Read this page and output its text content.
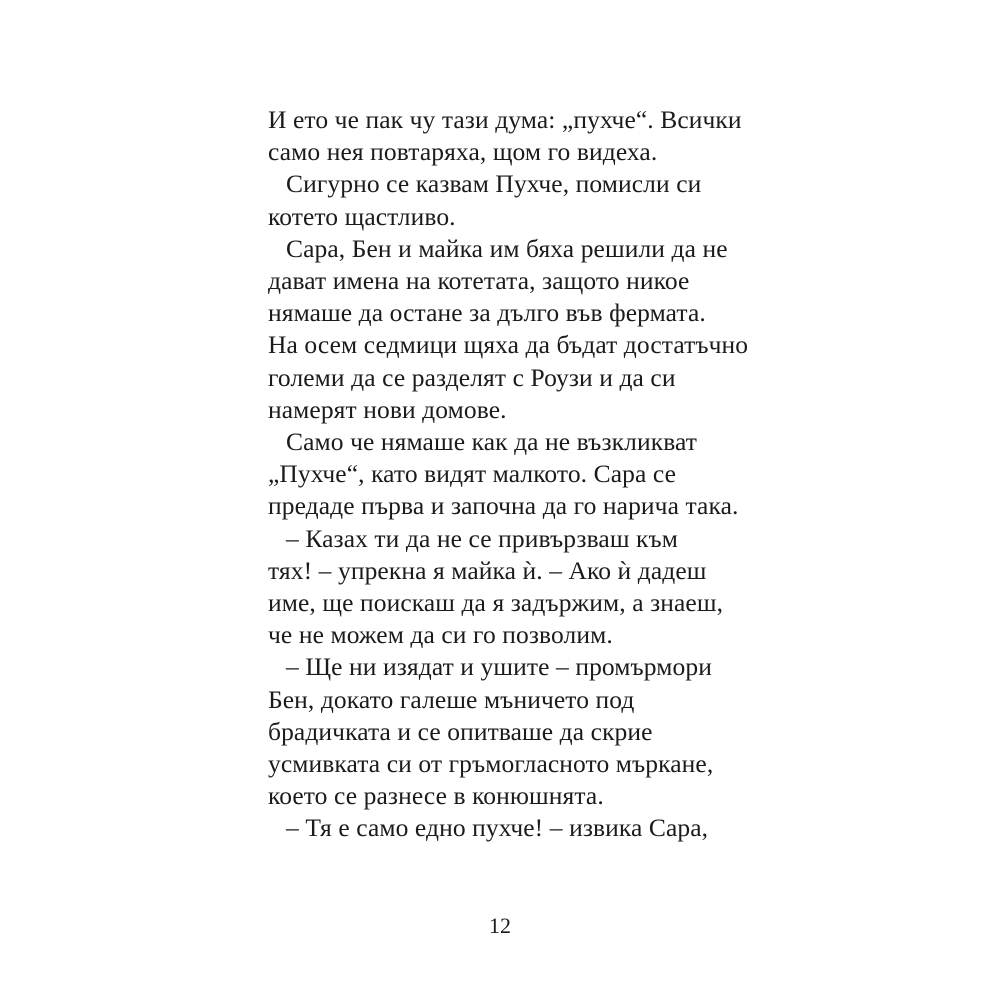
И ето че пак чу тази дума: „пухче“. Всички
само нея повтаряха, щом го видеха.
Сигурно се казвам Пухче, помисли си
котето щастливо.
Сара, Бен и майка им бяха решили да не
дават имена на котетата, защото никое
нямаше да остане за дълго във фермата.
На осем седмици щяха да бъдат достатъчно
големи да се разделят с Роузи и да си
намерят нови домове.
Само че нямаше как да не възкликват
„Пухче“, като видят малкото. Сара се
предаде първа и започна да го нарича така.
– Казах ти да не се привързваш към
тях! – упрекна я майка ѝ. – Ако ѝ дадеш
име, ще поискаш да я задържим, а знаеш,
че не можем да си го позволим.
– Ще ни изядат и ушите – промърмори
Бен, докато галеше мъничето под
брадичката и се опитваше да скрие
усмивката си от гръмогласното мъркане,
което се разнесе в конюшнята.
– Тя е само едно пухче! – извика Сара,
12
